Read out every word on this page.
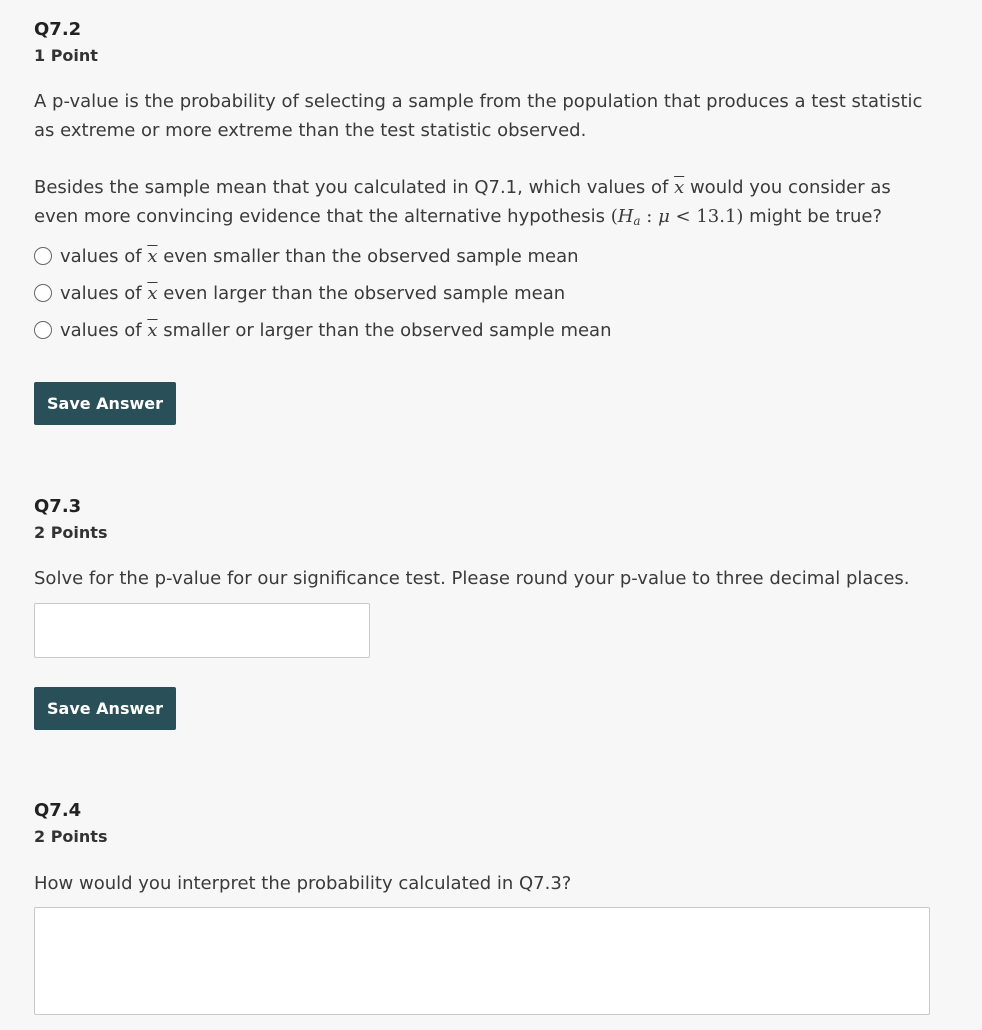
Q7.2
1 Point
A p-value is the probability of selecting a sample from the population that produces a test statistic
as extreme or more extreme than the test statistic observed.
Besides the sample mean that you calculated in Q7.1, which values of $\overline{x}$ would you consider as
even more convincing evidence that the alternative hypothesis ($H_a$ : μ < 13.1) might be true?
values of $\overline{x}$ even smaller than the observed sample mean
values of $\overline{x}$ even larger than the observed sample mean
values of $\overline{x}$ smaller or larger than the observed sample mean
Save Answer
Q7.3
2 Points
Solve for the p-value for our significance test. Please round your p-value to three decimal places.
Save Answer
Q7.4
2 Points
How would you interpret the probability calculated in Q7.3?
